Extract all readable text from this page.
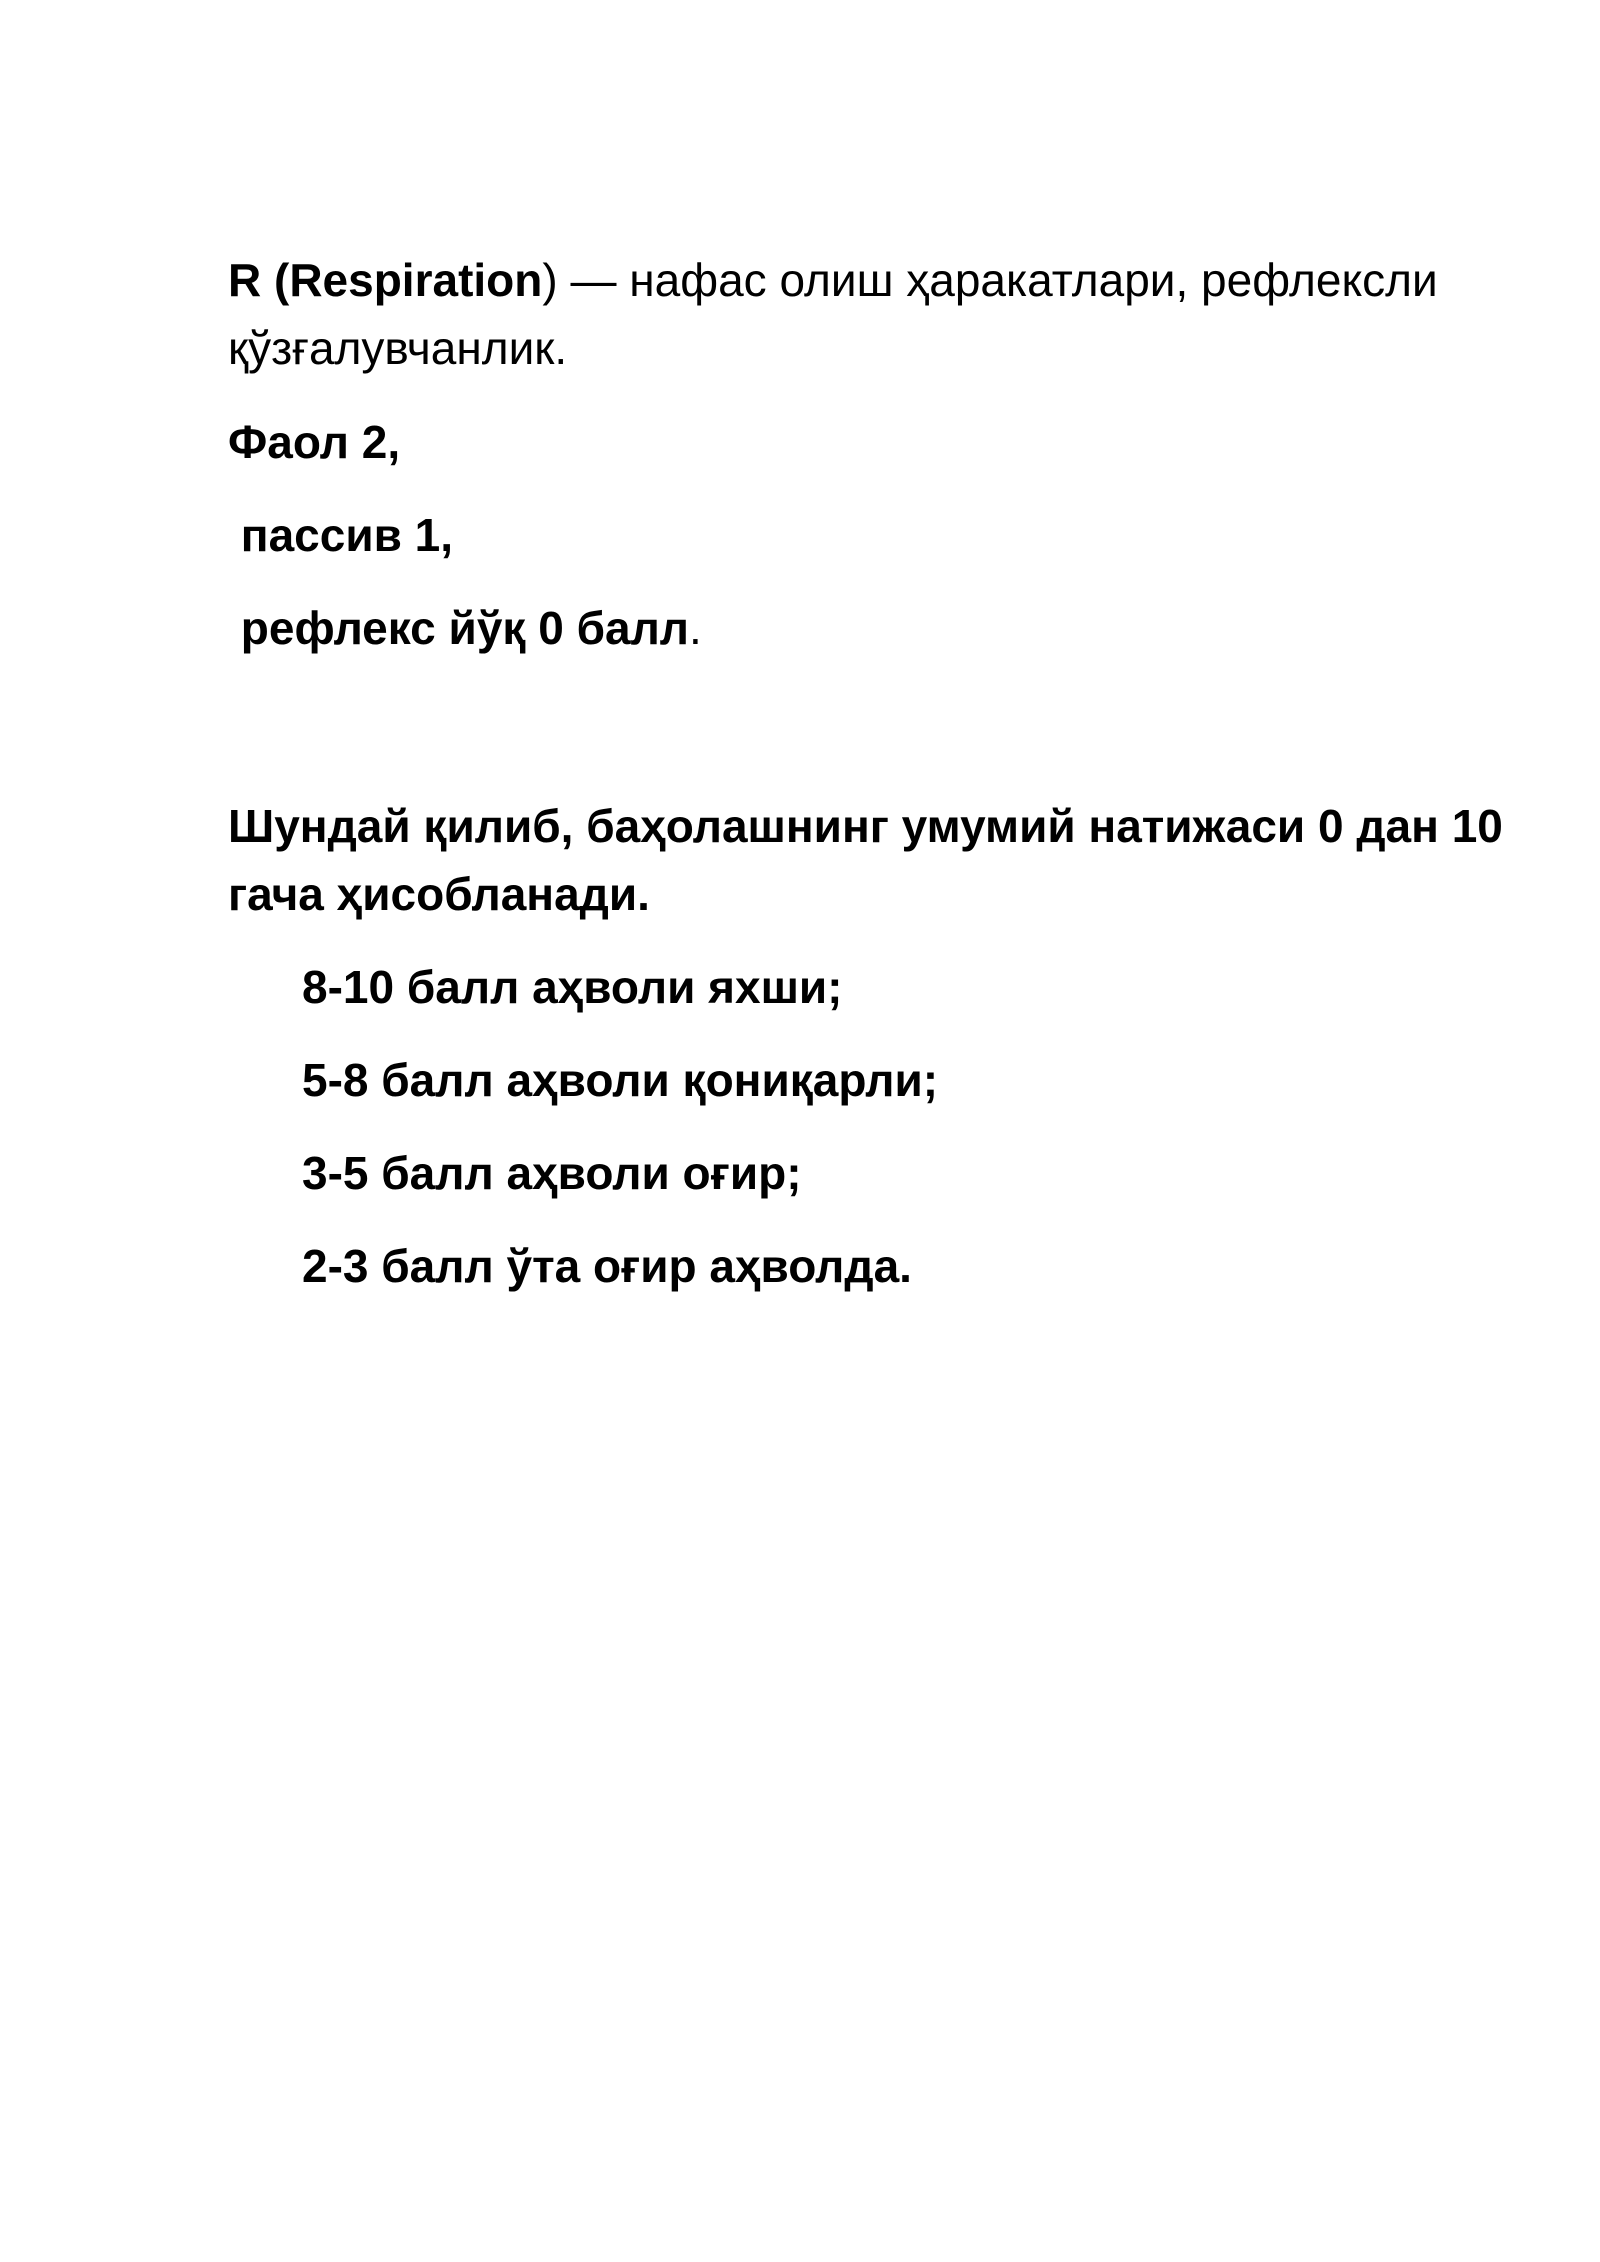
R (Respiration) — нафас олиш ҳаракатлари, рефлексли қўзғалувчанлик.

Фаол 2,

пассив 1,

рефлекс йўқ 0 балл.

Шундай қилиб, баҳолашнинг умумий натижаси 0 дан 10 гача ҳисобланади.

8-10 балл аҳволи яхши;

5-8 балл аҳволи қониқарли;

3-5 балл аҳволи оғир;

2-3 балл ўта оғир аҳволда.
